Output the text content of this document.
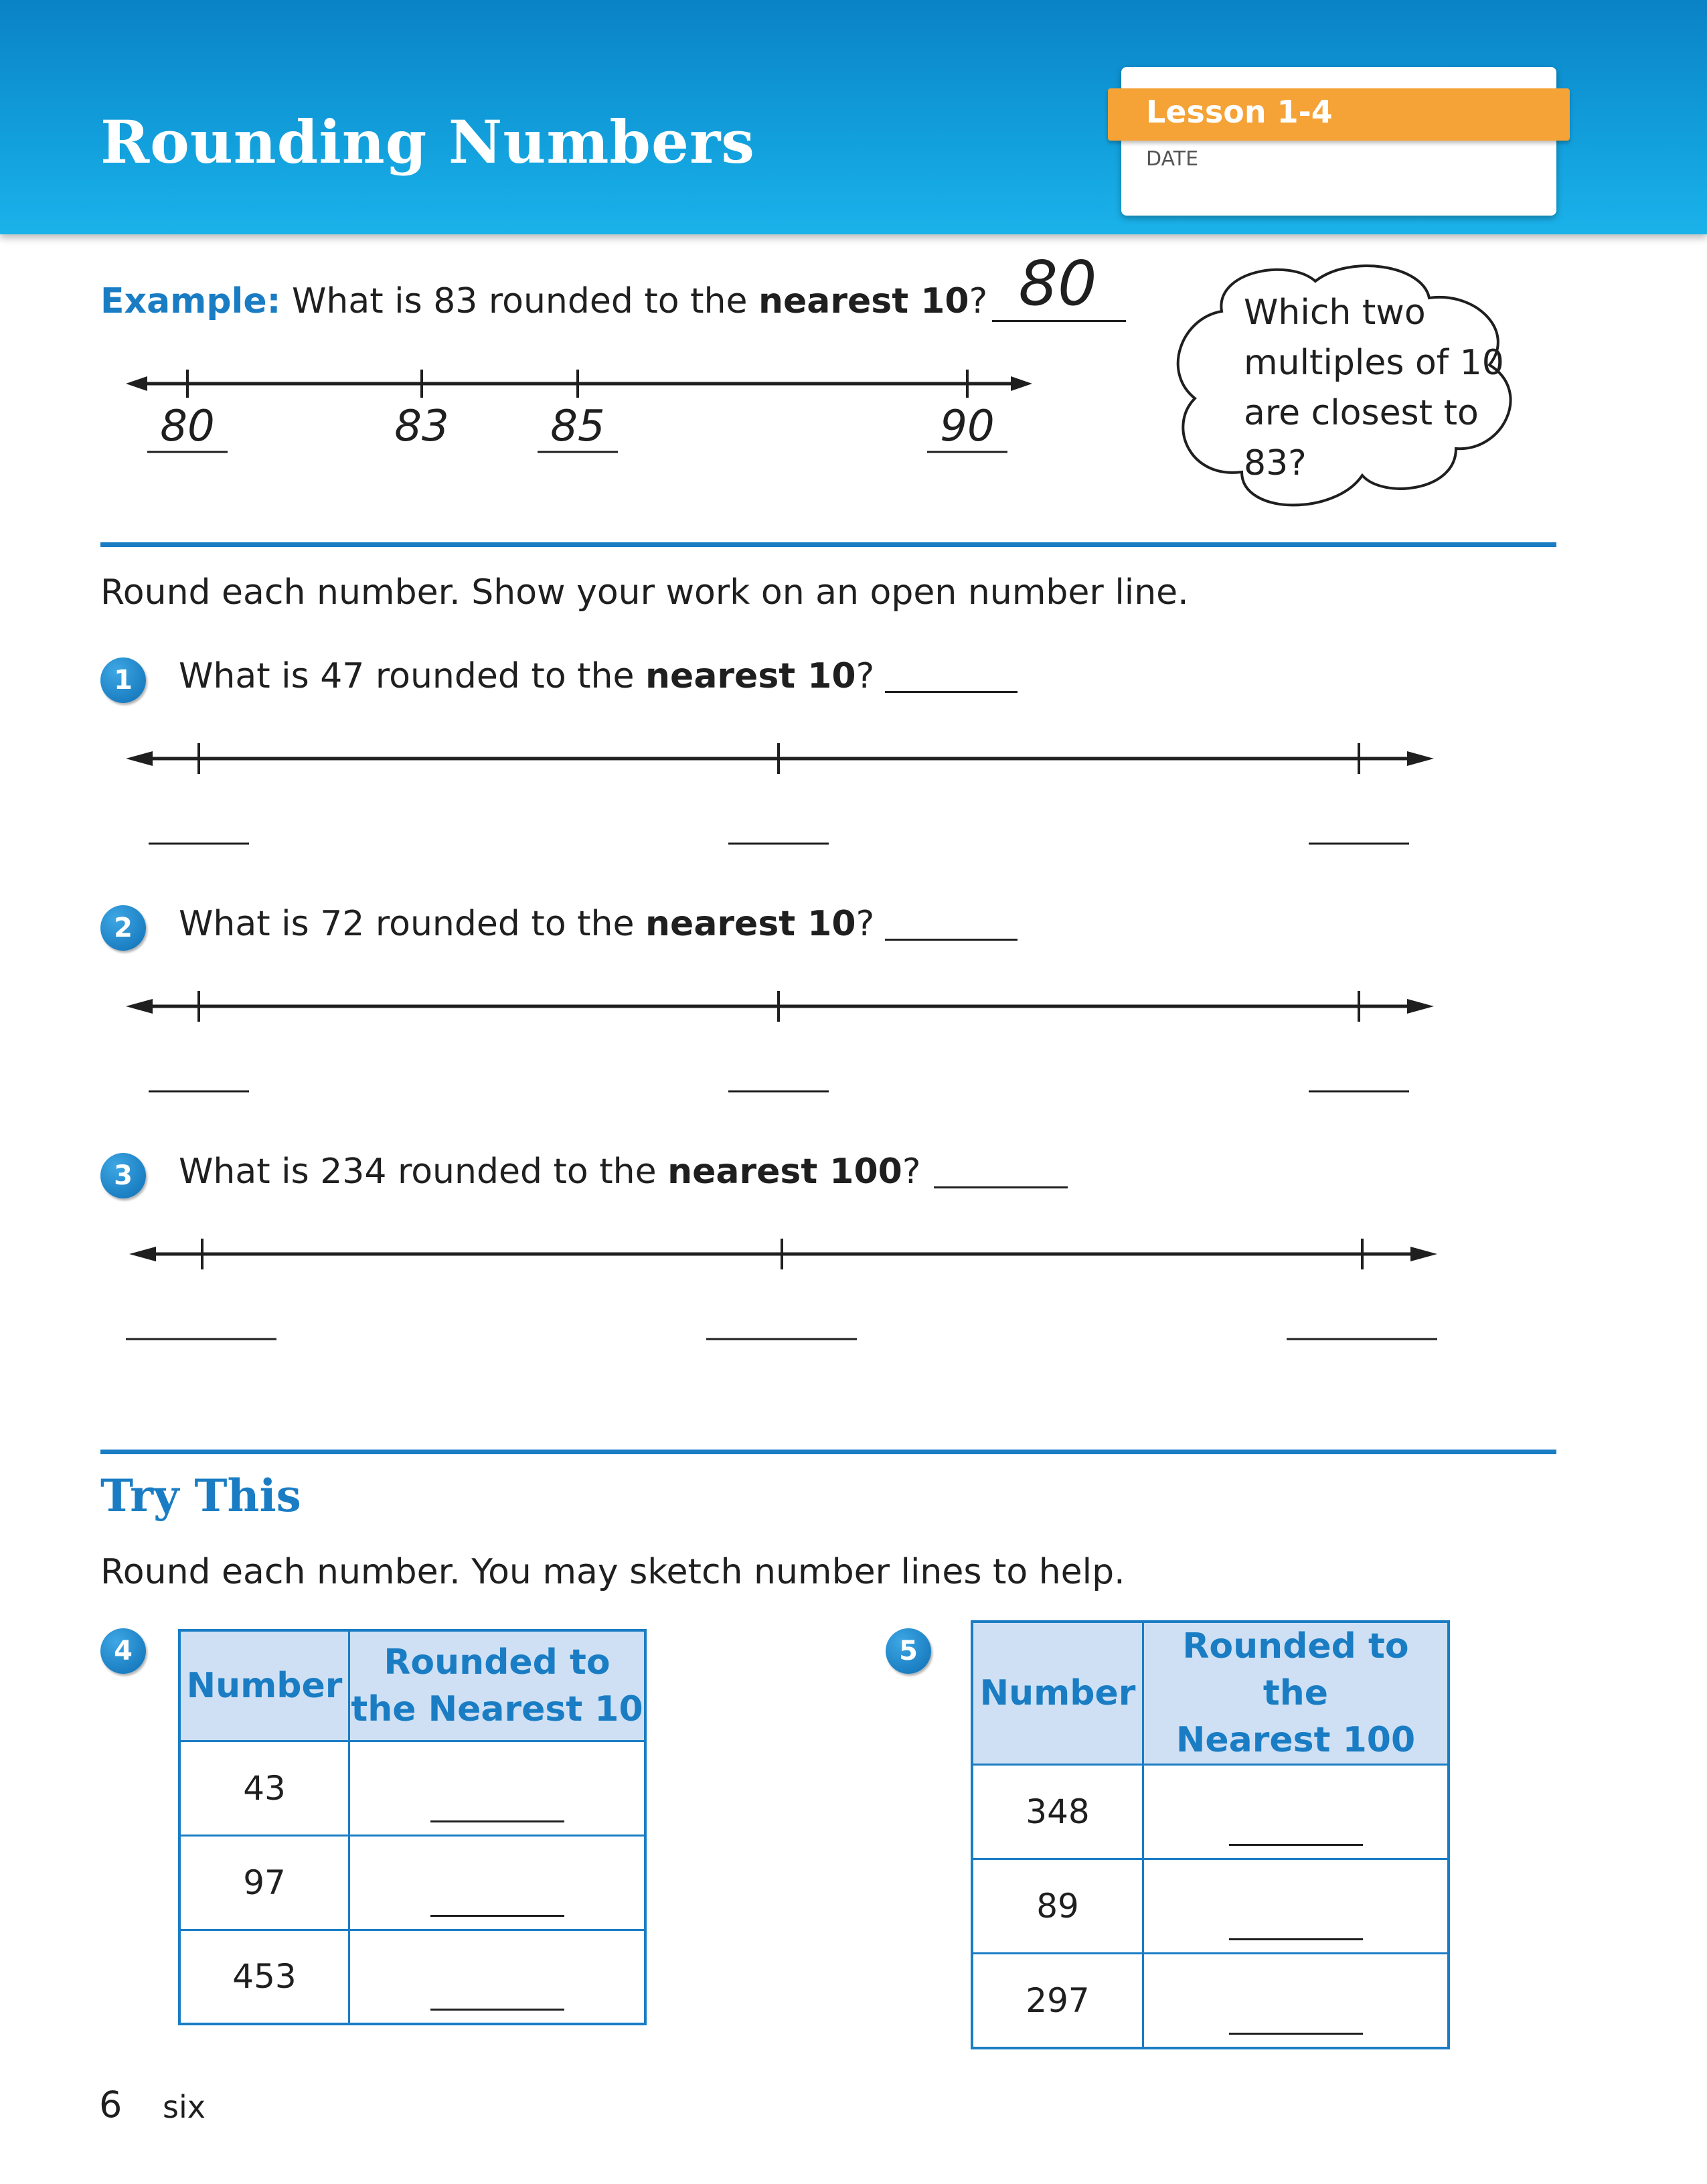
Rounding Numbers	Lesson 1-4
DATE
Example: What is 83 rounded to the nearest 10? 80
80	83	85	90
Which two
multiples of 10
are closest to
83?
Round each number. Show your work on an open number line.
1	What is 47 rounded to the nearest 10?
2	What is 72 rounded to the nearest 10?
3	What is 234 rounded to the nearest 100?
Try This
Round each number. You may sketch number lines to help.
4
Number	Rounded to
the Nearest 10

43	

97	

453	
5
Number	Rounded to the
Nearest 100

348	

89	

297	
6 six
